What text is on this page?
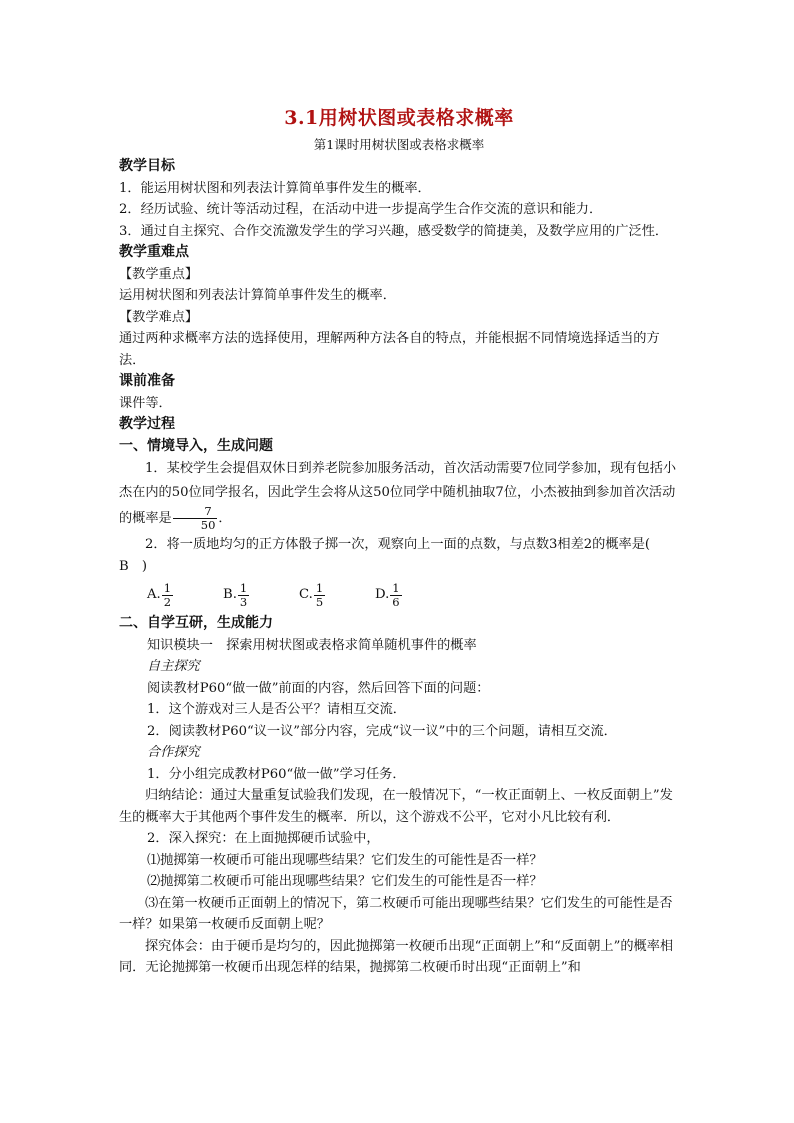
3.1用树状图或表格求概率
第1课时用树状图或表格求概率
教学目标

1．能运用树状图和列表法计算简单事件发生的概率．

2．经历试验、统计等活动过程，在活动中进一步提高学生合作交流的意识和能力．

3．通过自主探究、合作交流激发学生的学习兴趣，感受数学的简捷美，及数学应用的广泛性．

教学重难点

【教学重点】

运用树状图和列表法计算简单事件发生的概率．

【教学难点】

通过两种求概率方法的选择使用，理解两种方法各自的特点，并能根据不同情境选择适当的方法．

课前准备

课件等．

教学过程
一、情境导入，生成问题

1．某校学生会提倡双休日到养老院参加服务活动，首次活动需要7位同学参加，现有包括小杰在内的50位同学报名，因此学生会将从这50位同学中随机抽取7位，小杰被抽到参加首次活动的概率是 $\frac{7}{50}$ ．

2．将一质地均匀的正方体骰子掷一次，观察向上一面的点数，与点数3相差2的概率是(　B　)

A. $\frac{1}{2}$	B. $\frac{1}{3}$	C. $\frac{1}{5}$	D. $\frac{1}{6}$
二、自学互研，生成能力

知识模块一　探索用树状图或表格求简单随机事件的概率

自主探究

阅读教材P60“做一做”前面的内容，然后回答下面的问题：

1．这个游戏对三人是否公平？请相互交流．

2．阅读教材P60“议一议”部分内容，完成“议一议”中的三个问题，请相互交流．

合作探究

1．分小组完成教材P60“做一做”学习任务．

归纳结论：通过大量重复试验我们发现，在一般情况下，“一枚正面朝上、一枚反面朝上”发生的概率大于其他两个事件发生的概率．所以，这个游戏不公平，它对小凡比较有利．

2．深入探究：在上面抛掷硬币试验中，

⑴抛掷第一枚硬币可能出现哪些结果？它们发生的可能性是否一样？

⑵抛掷第二枚硬币可能出现哪些结果？它们发生的可能性是否一样？

⑶在第一枚硬币正面朝上的情况下，第二枚硬币可能出现哪些结果？它们发生的可能性是否一样？如果第一枚硬币反面朝上呢？

探究体会：由于硬币是均匀的，因此抛掷第一枚硬币出现“正面朝上”和“反面朝上”的概率相同．无论抛掷第一枚硬币出现怎样的结果，抛掷第二枚硬币时出现“正面朝上”和
